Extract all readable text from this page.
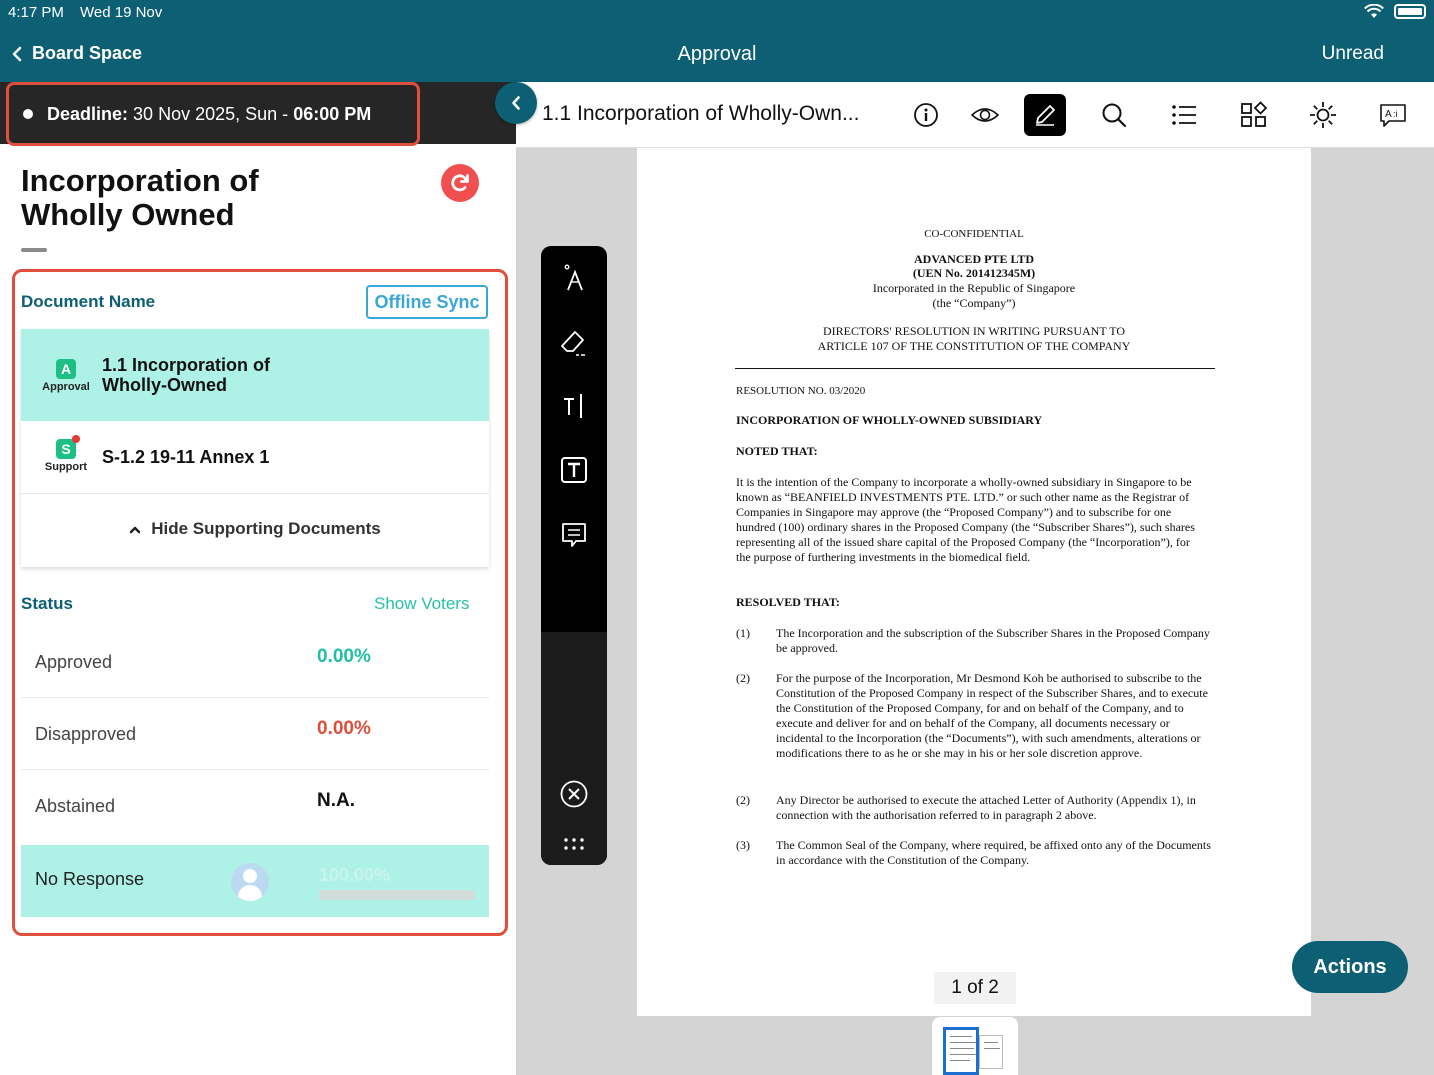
4:17 PM Wed 19 Nov
Board Space	Approval	Unread
Deadline: 30 Nov 2025, Sun - 06:00 PM
Incorporation of Wholly Owned
Document Name	Offline Sync
A
Approval
1.1 Incorporation of Wholly-Owned
S
Support S-1.2 19-11 Annex 1
Hide Supporting Documents
Status	Show Voters
Approved	0.00%
Disapproved	0.00%
Abstained	N.A.
No Response	100.00%
1.1 Incorporation of Wholly-Own...	A :i
CO-CONFIDENTIAL
ADVANCED PTE LTD
(UEN No. 201412345M)
Incorporated in the Republic of Singapore
(the “Company”)
DIRECTORS' RESOLUTION IN WRITING PURSUANT TO
ARTICLE 107 OF THE CONSTITUTION OF THE COMPANY
RESOLUTION NO. 03/2020
INCORPORATION OF WHOLLY-OWNED SUBSIDIARY
NOTED THAT:
It is the intention of the Company to incorporate a wholly-owned subsidiary in Singapore to be known as “BEANFIELD INVESTMENTS PTE. LTD.” or such other name as the Registrar of Companies in Singapore may approve (the “Proposed Company”) and to subscribe for one hundred (100) ordinary shares in the Proposed Company (the “Subscriber Shares”), such shares representing all of the issued share capital of the Proposed Company (the “Incorporation”), for the purpose of furthering investments in the biomedical field.
RESOLVED THAT:
(1) The Incorporation and the subscription of the Subscriber Shares in the Proposed Company be approved.
(2) For the purpose of the Incorporation, Mr Desmond Koh be authorised to subscribe to the Constitution of the Proposed Company in respect of the Subscriber Shares, and to execute the Constitution of the Proposed Company, for and on behalf of the Company, and to execute and deliver for and on behalf of the Company, all documents necessary or incidental to the Incorporation (the “Documents”), with such amendments, alterations or modifications there to as he or she may in his or her sole discretion approve.
(2) Any Director be authorised to execute the attached Letter of Authority (Appendix 1), in connection with the authorisation referred to in paragraph 2 above.
(3) The Common Seal of the Company, where required, be affixed onto any of the Documents in accordance with the Constitution of the Company.
1 of 2
Actions
